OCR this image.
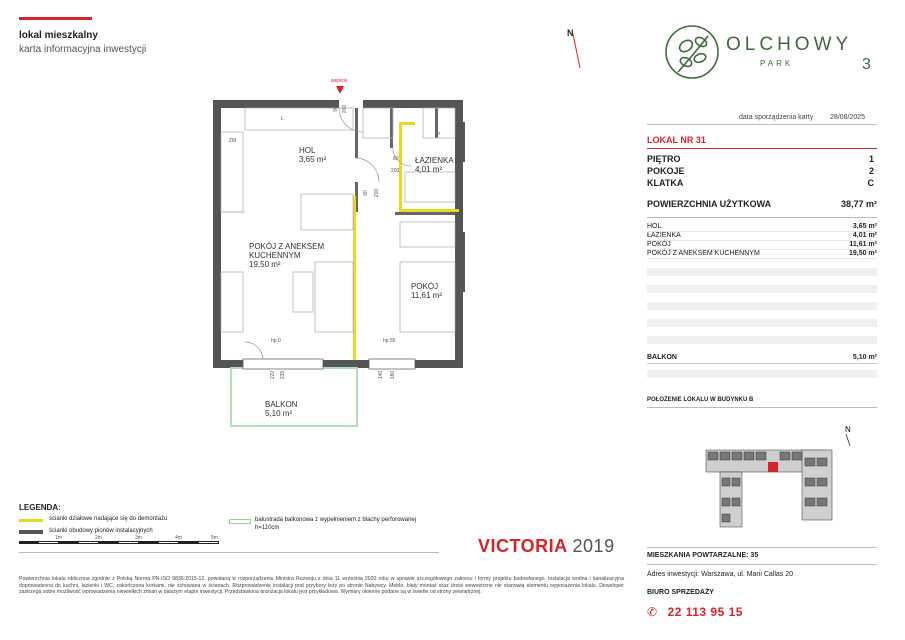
lokal mieszkalny
karta informacyjna inwestycji
N
OLCHOWY
PARK	3
data sporządzenia karty 28/08/2025
LOKAL NR 31
PIĘTRO	1
POKOJE	2
KLATKA	C
POWIERZCHNIA UŻYTKOWA	38,77 m²
HOL	3,65 m²
ŁAZIENKA	4,01 m²
POKÓJ	11,61 m²
POKÓJ Z ANEKSEM KUCHENNYM	19,50 m²
BALKON	5,10 m²
POŁOŻENIE LOKALU W BUDYNKU B
N
MIESZKANIA POWTARZALNE: 35
Adres inwestycji: Warszawa, ul. Marii Callas 20
BIURO SPRZEDAŻY
✆ 22 113 95 15
wejście
HOL
3,65 m²	ŁAZIENKA
4,01 m²
POKÓJ Z ANEKSEM
KUCHENNYM
19,50 m²
POKÓJ
11,61 m²
BALKON
5,10 m²
90 200
80
200
80 200
hp 0	hp 55
220 235	140 180
ZM
L
P
LEGENDA:
ścianki działowe nadające się do demontażu
ścianki obudowy pionów instalacyjnych
balustrada balkonowa z wypełnieniem z blachy perforowanej h=110cm
1m	2m	3m	4m	5m	VICTORIA 2019
Powierzchnia lokalu obliczona zgodnie z Polską Normą PN-ISO 9836:2015-12, powołaną w rozporządzeniu Ministra Rozwoju z dnia 11 września 2020 roku w sprawie szczegółowego zakresu i formy projektu budowlanego. Instalacja wodna i kanalizacyjna doprowadzona do kuchni, łazienki i WC, zakończona korkami, nie schowana w ścianach. Rozprowadzenie instalacji pod przybory leży po stronie Nabywcy. Meble, biały montaż oraz drzwi wewnętrzne nie stanowią elementu wyposażenia lokalu. Deweloper zastrzega sobie możliwość wprowadzenia niewielkich zmian w dalszym etapie inwestycji. Przedstawiona aranżacja lokalu jest przykładowa. Wymiary okienne podane są w świetle od strony zewnętrznej.
